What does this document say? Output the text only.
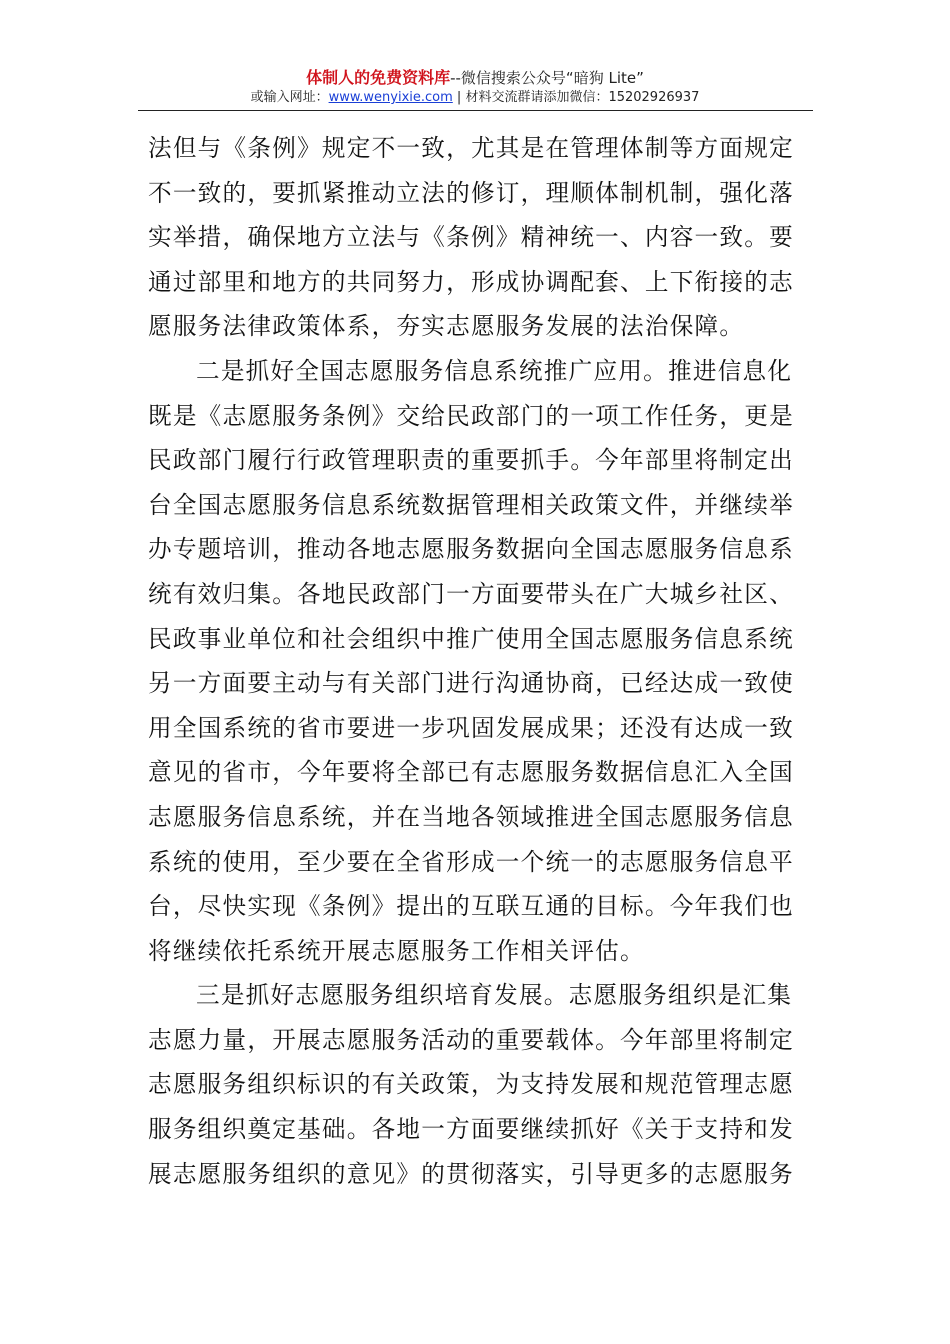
体制人的免费资料库--微信搜索公众号“暗狗 Lite”
或输入网址：www.wenyixie.com | 材料交流群请添加微信：15202926937
法但与《条例》规定不一致，尤其是在管理体制等方面规定
不一致的，要抓紧推动立法的修订，理顺体制机制，强化落
实举措，确保地方立法与《条例》精神统一、内容一致。要
通过部里和地方的共同努力，形成协调配套、上下衔接的志
愿服务法律政策体系，夯实志愿服务发展的法治保障。
二是抓好全国志愿服务信息系统推广应用。推进信息化
既是《志愿服务条例》交给民政部门的一项工作任务，更是
民政部门履行行政管理职责的重要抓手。今年部里将制定出
台全国志愿服务信息系统数据管理相关政策文件，并继续举
办专题培训，推动各地志愿服务数据向全国志愿服务信息系
统有效归集。各地民政部门一方面要带头在广大城乡社区、
民政事业单位和社会组织中推广使用全国志愿服务信息系统
另一方面要主动与有关部门进行沟通协商，已经达成一致使
用全国系统的省市要进一步巩固发展成果；还没有达成一致
意见的省市，今年要将全部已有志愿服务数据信息汇入全国
志愿服务信息系统，并在当地各领域推进全国志愿服务信息
系统的使用，至少要在全省形成一个统一的志愿服务信息平
台，尽快实现《条例》提出的互联互通的目标。今年我们也
将继续依托系统开展志愿服务工作相关评估。
三是抓好志愿服务组织培育发展。志愿服务组织是汇集
志愿力量，开展志愿服务活动的重要载体。今年部里将制定
志愿服务组织标识的有关政策，为支持发展和规范管理志愿
服务组织奠定基础。各地一方面要继续抓好《关于支持和发
展志愿服务组织的意见》的贯彻落实，引导更多的志愿服务
